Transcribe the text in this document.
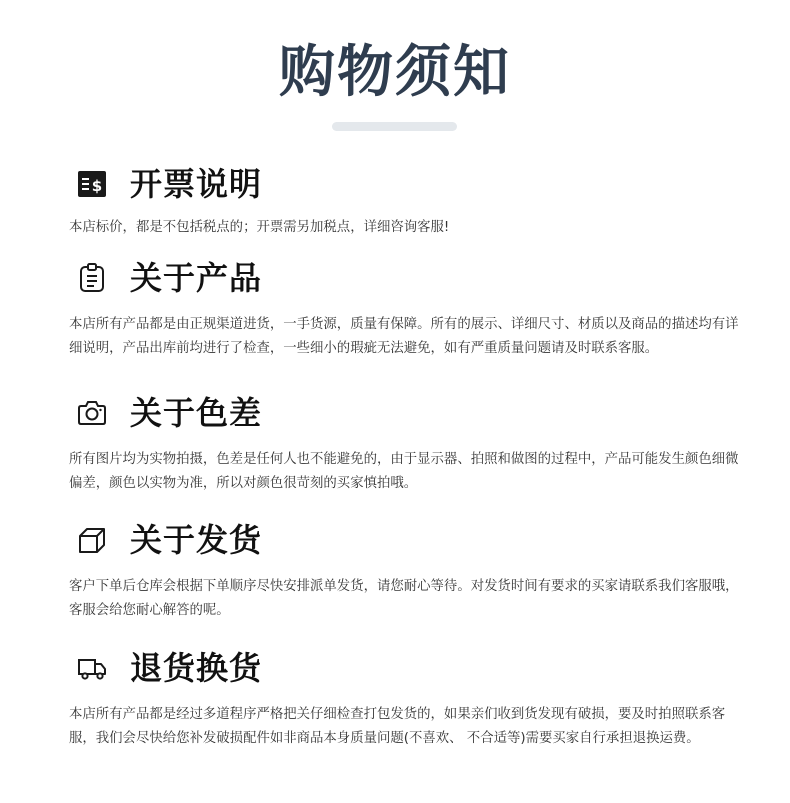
购物须知
$ 开票说明

本店标价，都是不包括税点的；开票需另加税点，详细咨询客服!

关于产品

本店所有产品都是由正规渠道进货，一手货源，质量有保障。所有的展示、详细尺寸、材质以及商品的描述均有详细说明，产品出库前均进行了检查，一些细小的瑕疵无法避免，如有严重质量问题请及时联系客服。

关于色差

所有图片均为实物拍摄，色差是任何人也不能避免的，由于显示器、拍照和做图的过程中，产品可能发生颜色细微偏差，颜色以实物为准，所以对颜色很苛刻的买家慎拍哦。

关于发货

客户下单后仓库会根据下单顺序尽快安排派单发货，请您耐心等待。对发货时间有要求的买家请联系我们客服哦，客服会给您耐心解答的呢。

退货换货

本店所有产品都是经过多道程序严格把关仔细检查打包发货的，如果亲们收到货发现有破损，要及时拍照联系客服，我们会尽快给您补发破损配件如非商品本身质量问题(不喜欢、 不合适等)需要买家自行承担退换运费。
